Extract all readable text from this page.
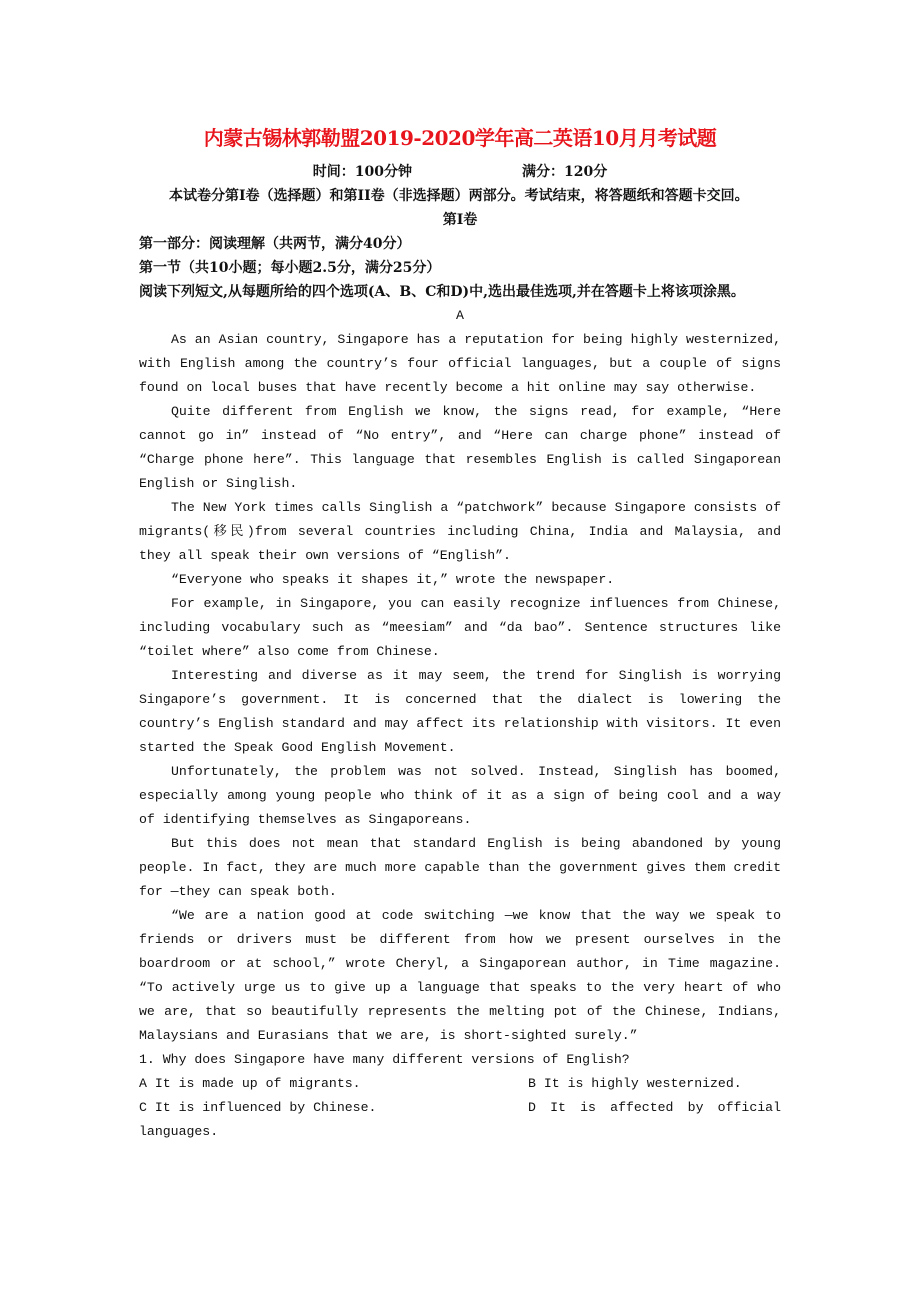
内蒙古锡林郭勒盟2019-2020学年高二英语10月月考试题
时间：100分钟	满分：120分
本试卷分第Ⅰ卷（选择题）和第II卷（非选择题）两部分。考试结束，将答题纸和答题卡交回。
第Ⅰ卷
第一部分：阅读理解（共两节，满分40分）
第一节（共10小题；每小题2.5分，满分25分）
阅读下列短文,从每题所给的四个选项(A、B、C和D)中,选出最佳选项,并在答题卡上将该项涂黑。
A

As an Asian country, Singapore has a reputation for being highly westernized, with English among the country’s four official languages, but a couple of signs found on local buses that have recently become a hit online may say otherwise.

Quite different from English we know, the signs read, for example, “Here cannot go in” instead of “No entry”, and “Here can charge phone” instead of “Charge phone here”. This language that resembles English is called Singaporean English or Singlish.

The New York times calls Singlish a “patchwork” because Singapore consists of migrants(移民)from several countries including China, India and Malaysia, and they all speak their own versions of “English”.

“Everyone who speaks it shapes it,” wrote the newspaper.

For example, in Singapore, you can easily recognize influences from Chinese, including vocabulary such as “meesiam” and “da bao”. Sentence structures like “toilet where” also come from Chinese.

Interesting and diverse as it may seem, the trend for Singlish is worrying Singapore’s government. It is concerned that the dialect is lowering the country’s English standard and may affect its relationship with visitors. It even started the Speak Good English Movement.

Unfortunately, the problem was not solved. Instead, Singlish has boomed, especially among young people who think of it as a sign of being cool and a way of identifying themselves as Singaporeans.

But this does not mean that standard English is being abandoned by young people. In fact, they are much more capable than the government gives them credit for —they can speak both.

“We are a nation good at code switching —we know that the way we speak to friends or drivers must be different from how we present ourselves in the boardroom or at school,” wrote Cheryl, a Singaporean author, in Time magazine. “To actively urge us to give up a language that speaks to the very heart of who we are, that so beautifully represents the melting pot of the Chinese, Indians, Malaysians and Eurasians that we are, is short-sighted surely.”

1. Why does Singapore have many different versions of English?
A It is made up of migrants.	B It is highly westernized.
C It is influenced by Chinese.	D It is affected by official languages.
